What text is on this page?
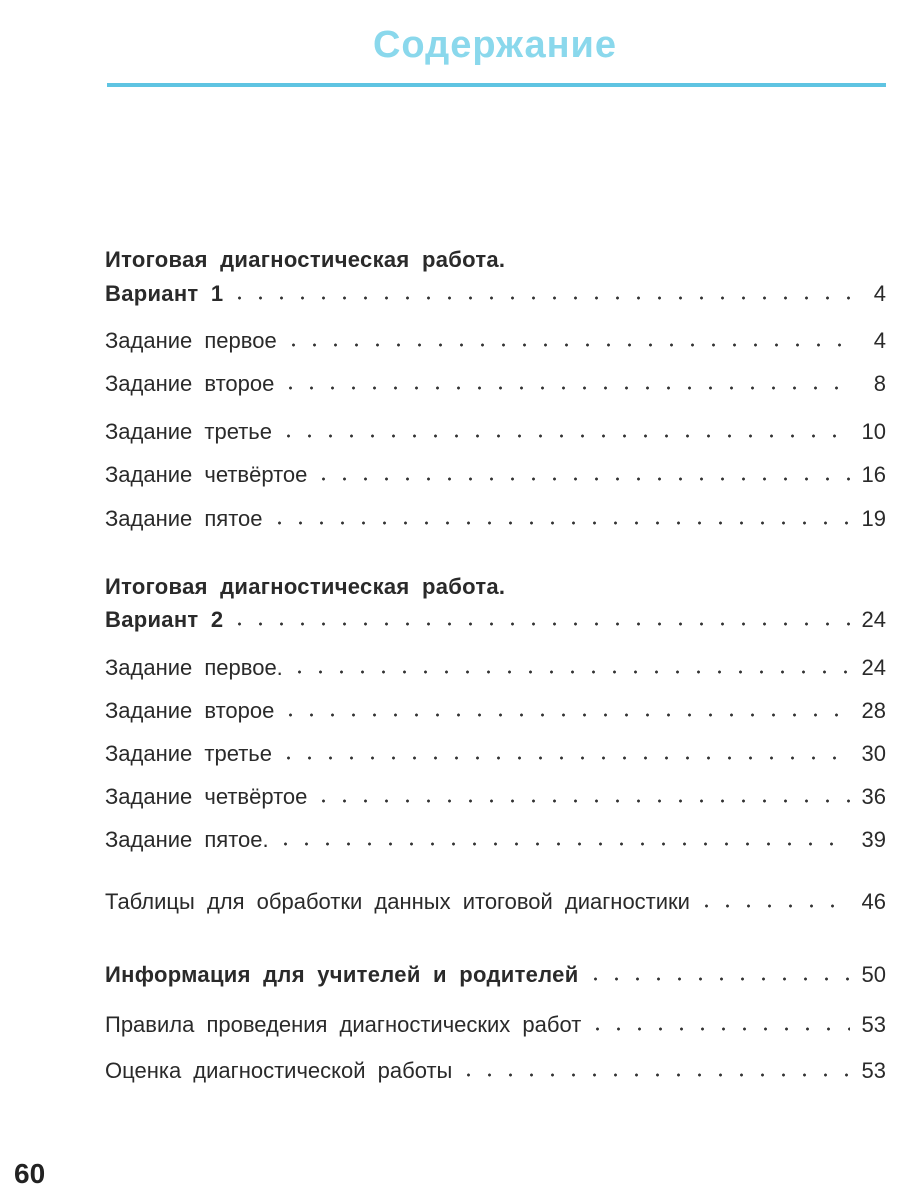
Содержание
Итоговая диагностическая работа.
Вариант 1	4
Задание первое	4
Задание второе	8
Задание третье	10
Задание четвёртое	16
Задание пятое	19
Итоговая диагностическая работа.
Вариант 2	24
Задание первое.	24
Задание второе	28
Задание третье	30
Задание четвёртое	36
Задание пятое.	39
Таблицы для обработки данных итоговой диагностики	46
Информация для учителей и родителей	50
Правила проведения диагностических работ	53
Оценка диагностической работы	53
60
